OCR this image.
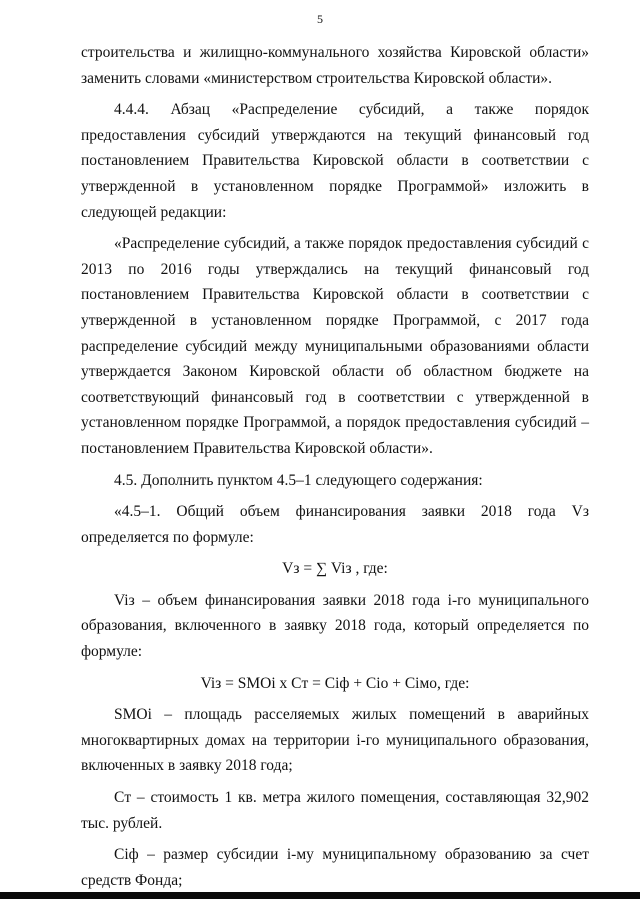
5

строительства и жилищно-коммунального хозяйства Кировской области» заменить словами «министерством строительства Кировской области».

4.4.4. Абзац «Распределение субсидий, а также порядок предоставления субсидий утверждаются на текущий финансовый год постановлением Правительства Кировской области в соответствии с утвержденной в установленном порядке Программой» изложить в следующей редакции:

«Распределение субсидий, а также порядок предоставления субсидий с 2013 по 2016 годы утверждались на текущий финансовый год постановлением Правительства Кировской области в соответствии с утвержденной в установленном порядке Программой, с 2017 года распределение субсидий между муниципальными образованиями области утверждается Законом Кировской области об областном бюджете на соответствующий финансовый год в соответствии с утвержденной в установленном порядке Программой, а порядок предоставления субсидий – постановлением Правительства Кировской области».

4.5. Дополнить пунктом 4.5–1 следующего содержания:

«4.5–1. Общий объем финансирования заявки 2018 года Vз определяется по формуле:

Vз = ∑ Viз , где:

Viз – объем финансирования заявки 2018 года i-го муниципального образования, включенного в заявку 2018 года, который определяется по формуле:

Viз = SMOi x Cт = Ciф + Ciо + Ciмо, где:

SMOi – площадь расселяемых жилых помещений в аварийных многоквартирных домах на территории i-го муниципального образования, включенных в заявку 2018 года;

Cт – стоимость 1 кв. метра жилого помещения, составляющая 32,902 тыс. рублей.

Ciф – размер субсидии i-му муниципальному образованию за счет средств Фонда;
